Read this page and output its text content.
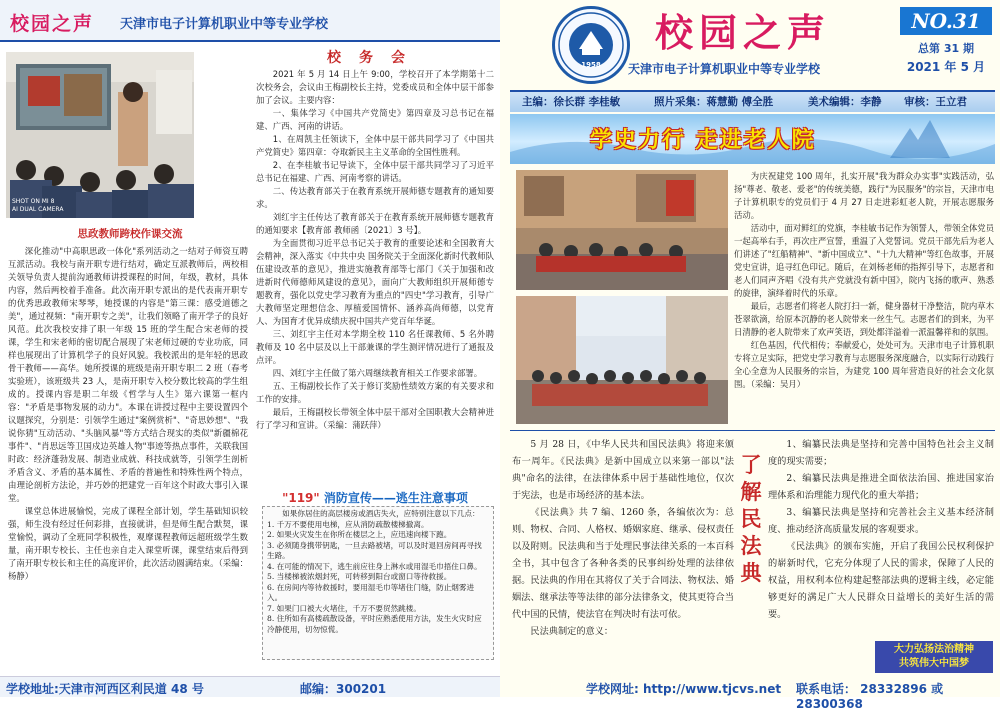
校园之声 天津市电子计算机职业中等专业学校
SHOT ON MI 8
AI DUAL CAMERA
思政教师跨校作课交流

深化推动"中高职思政一体化"系列活动之一结对子师资互聘互派活动。我校与南开职专进行结对，确定互派教师后，两校相关领导负责人提前沟通教师讲授课程的时间，年级，教材，具体内容，然后两校着手准备。此次南开职专派出的是代表南开职专的优秀思政教师宋琴琴，她授课的内容是"第三课：感受道德之美"，通过视频："南开职专之美"，让我们领略了南开学子的良好风范。此次我校安排了职一年级 15 班的学生配合宋老师的授课，学生和宋老师的密切配合展现了宋老师过硬的专业功底，同样也展现出了计算机学子的良好风貌。我校派出的是年轻的思政骨干教师——高华。她所授课的班级是南开职专职二 2 班（春考实验班），该班级共 23 人，是南开职专入校分数比较高的学生组成的。授课内容是职二年级《哲学与人生》第六课第一框内容："矛盾是事物发展的动力"。本课在讲授过程中主要设置四个议题探究，分别是：引领学生通过"案例赏析"、"奇思妙想"、"我说你猜"互动活动、"头脑风暴"等方式结合现实的类似"新疆棉花事件"、"肖思远等卫国戍边英雄人物"事迹等热点事件，关联我国时政：经济蓬勃发展、制造业成就、科技成就等，引领学生剖析矛盾含义、矛盾的基本属性、矛盾的普遍性和特殊性两个特点，由理论剖析方法论，并巧妙的把建党一百年这个时政大事引入课堂。

课堂总体进展愉悦，完成了课程全部计划，学生基础知识较强，师生没有经过任何彩排，直接就讲，但是师生配合默契，课堂愉悦，调动了全班同学积极性，观摩课程教师远超班级学生数量，南开职专校长、主任也亲自走入课堂听课，课堂结束后得到了南开职专校长和主任的高度评价，此次活动圆满结束。（采编：杨静）

校务会

2021 年 5 月 14 日上午 9:00，学校召开了本学期第十二次校务会，会议由王梅副校长主持，党委成员和全体中层干部参加了会议。主要内容：

一、集体学习《中国共产党简史》第四章及习总书记在福建、广西、河南的讲话。

1、在周凯主任领读下，全体中层干部共同学习了《中国共产党简史》第四章：夺取新民主主义革命的全国性胜利。

2、在李桂敏书记导读下，全体中层干部共同学习了习近平总书记在福建、广西、河南考察的讲话。

二、传达教育部关于在教育系统开展师德专题教育的通知要求。

刘红宇主任传达了教育部关于在教育系统开展师德专题教育的通知要求【教育部 教师函〔2021〕3 号】。

为全面贯彻习近平总书记关于教育的重要论述和全国教育大会精神，深入落实《中共中央 国务院关于全面深化新时代教师队伍建设改革的意见》，推进实施教育部等七部门《关于加强和改进新时代师德师风建设的意见》，面向广大教师组织开展师德专题教育，强化以党史学习教育为重点的"四史"学习教育，引导广大教师坚定理想信念、厚植爱国情怀、涵养高尚师德，以党育人、为国育才优异成绩庆祝中国共产党百年华诞。

三、刘红宇主任对本学期全校 110 名任课教师、5 名外聘教师及 10 名中层及以上干部兼课的学生测评情况进行了通报及点评。

四、刘红宇主任做了第六周继续教育相关工作要求部署。

五、王梅副校长作了关于修订奖励性绩效方案的有关要求和工作的安排。

最后，王梅副校长带领全体中层干部对全国职教大会精神进行了学习和宣讲。（采编：蒲跃萍）

"119" 消防宣传——逃生注意事项
如果你居住的高层楼房或酒店失火，应特别注意以下几点：
1. 千万不要使用电梯，应从消防疏散楼梯撤离。
2. 如果火灾发生在你所在楼层之上，应迅速向楼下跑。
3. 必须随身携带钥匙，一旦去路被堵，可以及时退回房间再寻找生路。
4. 在可能的情况下，逃生前应往身上淋水或用湿毛巾捂住口鼻。
5. 当楼梯被浓烟封死，可转移到阳台或窗口等待救援。
6. 在房间内等待救援时，要用湿毛巾等堵住门缝，防止烟雾进入。
7. 如果门口被大火堵住，千万不要贸然跳楼。
8. 住所如有高楼疏散设备，平时应熟悉使用方法，发生火灾时应冷静使用，切勿惊慌。
学校地址:天津市河西区利民道 48 号	邮编：300201
1958
校园之声
天津市电子计算机职业中等专业学校
NO.31
总第 31 期
2021 年 5 月
主编：徐长群 李桂敏	照片采集：蒋慧勤 傅全胜	美术编辑：李静 审核：王立君
学史力行 走进老人院

为庆祝建党 100 周年，扎实开展"我为群众办实事"实践活动，弘扬"尊老、敬老、爱老"的传统美德，践行"为民服务"的宗旨，天津市电子计算机职专的党员们于 4 月 27 日走进彩虹老人院，开展志愿服务活动。

活动中，面对鲜红的党旗，李桂敏书记作为领誓人，带领全体党员一起高举右手，再次庄严宣誓，重温了入党誓词。党员干部先后为老人们讲述了"红船精神"、"新中国成立"、"十九大精神"等红色故事，开展党史宣讲，追寻红色印记。随后，在刘杨老师的指挥引导下，志愿者和老人们同声齐唱《没有共产党就没有新中国》，院内飞扬的歌声、熟悉的旋律，演绎着时代的乐章。

最后，志愿者们将老人院打扫一新，健身器材干净整洁，院内草木苍翠欲滴，给原本沉静的老人院带来一丝生气。志愿者们的到来，为平日清静的老人院带来了欢声笑语，到处都洋溢着一派温馨祥和的氛围。

红色基因，代代相传；奉献爱心，处处可为。天津市电子计算机职专将立足实际，把党史学习教育与志愿服务深度融合，以实际行动践行全心全意为人民服务的宗旨，为建党 100 周年营造良好的社会文化氛围。（采编：吴月）

5 月 28 日，《中华人民共和国民法典》将迎来颁布一周年。《民法典》是新中国成立以来第一部以"法典"命名的法律，在法律体系中居于基础性地位，仅次于宪法，也是市场经济的基本法。

《民法典》共 7 编、1260 条，各编依次为：总则、物权、合同、人格权、婚姻家庭、继承、侵权责任以及附则。民法典和当于处理民事法律关系的一本百科全书，其中包含了各种各类的民事纠纷处理的法律依据。民法典的作用在其将仅了关于合同法、物权法、婚姻法、继承法等等法律的部分法律条文，使其更符合当代中国的民情，使法官在判决时有法可依。

民法典制定的意义：

了
解
民
法
典

1、编纂民法典是坚持和完善中国特色社会主义制度的现实需要；

2、编纂民法典是推进全面依法治国、推进国家治理体系和治理能力现代化的重大举措；

3、编纂民法典是坚持和完善社会主义基本经济制度、推动经济高质量发展的客观要求。

《民法典》的颁布实施，开启了我国公民权利保护的崭新时代，它充分体现了人民的需求，保障了人民的权益，用权利本位构建起整部法典的逻辑主线，必定能够更好的满足广大人民群众日益增长的美好生活的需要。

大力弘扬法治精神
共筑伟大中国梦
学校网址: http://www.tjcvs.net 联系电话： 28332896 或 28300368
